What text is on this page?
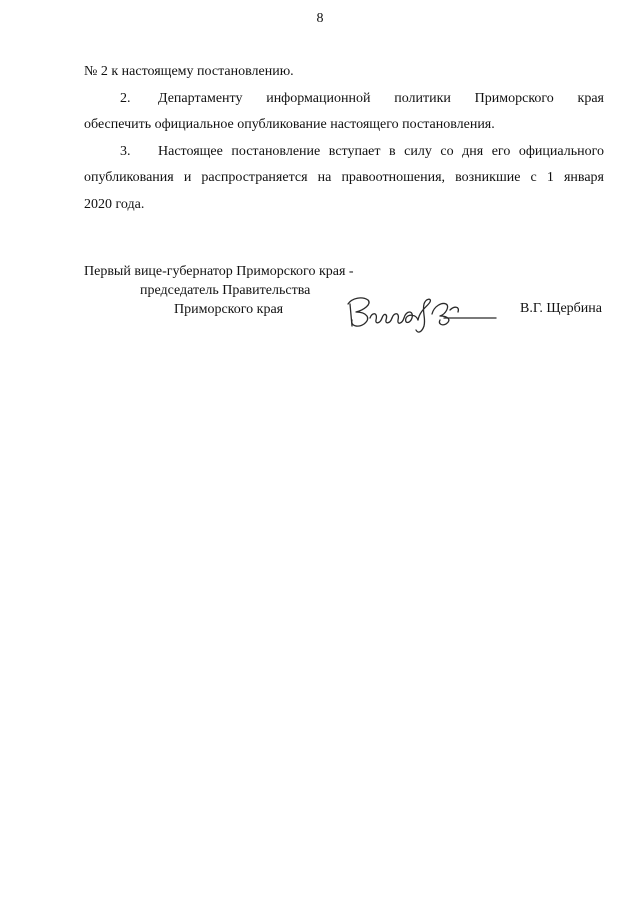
8
№ 2 к настоящему постановлению.
2. Департаменту информационной политики Приморского края
обеспечить официальное опубликование настоящего постановления.
3. Настоящее постановление вступает в силу со дня его официального
опубликования и распространяется на правоотношения, возникшие с 1 января
2020 года.
Первый вице-губернатор Приморского края -
председатель Правительства
Приморского края	В.Г. Щербина
